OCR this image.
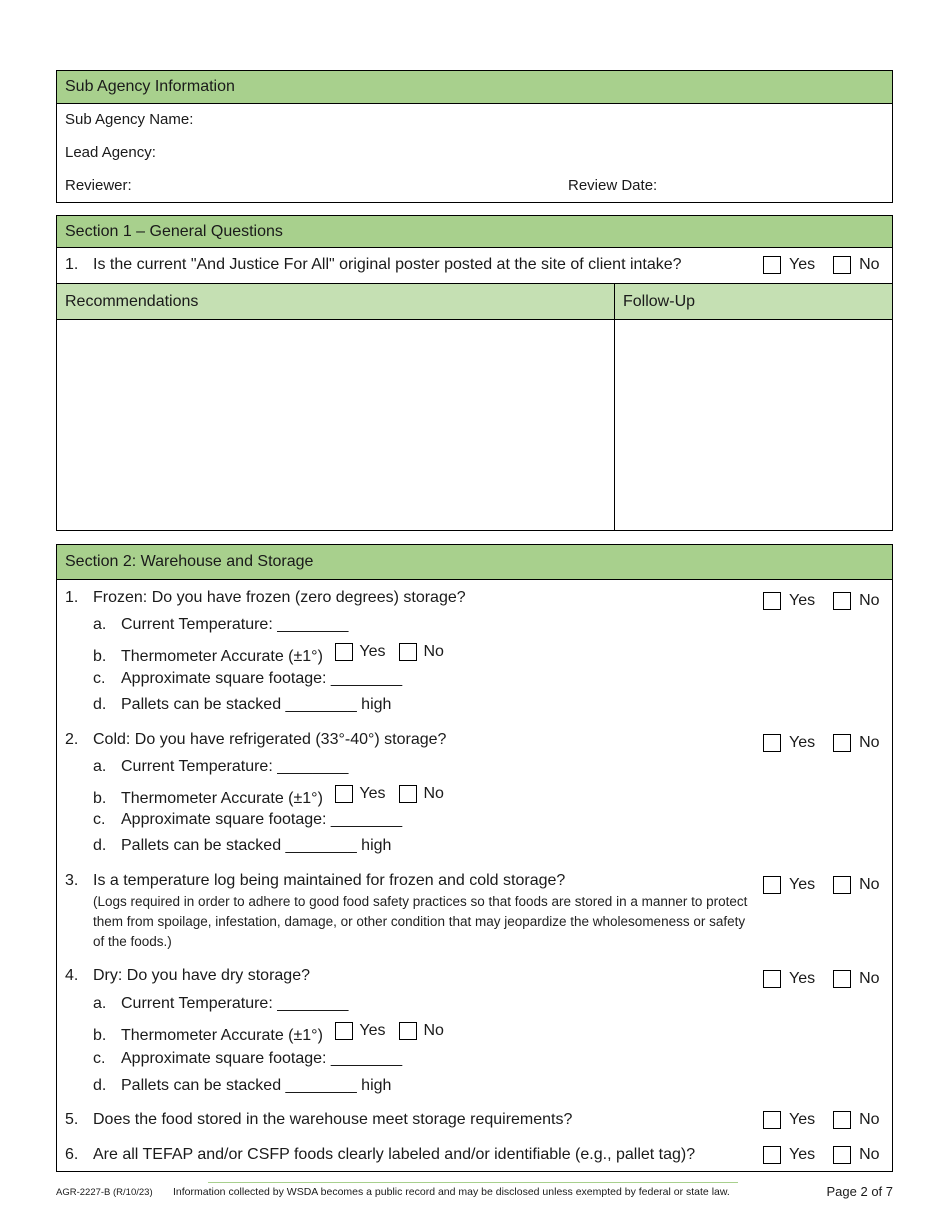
Sub Agency Information
Sub Agency Name:
Lead Agency:
Reviewer:	Review Date:
Section 1 – General Questions
1. Is the current "And Justice For All" original poster posted at the site of client intake?	Yes	No
Recommendations	Follow-Up
Section 2: Warehouse and Storage
1. Frozen: Do you have frozen (zero degrees) storage?	Yes	No
a. Current Temperature: ________
b. Thermometer Accurate (±1°) Yes No
c. Approximate square footage: ________
d. Pallets can be stacked ________ high
2. Cold: Do you have refrigerated (33°-40°) storage?	Yes	No
a. Current Temperature: ________
b. Thermometer Accurate (±1°) Yes No
c. Approximate square footage: ________
d. Pallets can be stacked ________ high
3. Is a temperature log being maintained for frozen and cold storage?	Yes	No
(Logs required in order to adhere to good food safety practices so that foods are stored in a manner to protect them from spoilage, infestation, damage, or other condition that may jeopardize the wholesomeness or safety of the foods.)
4. Dry: Do you have dry storage?	Yes	No
a. Current Temperature: ________
b. Thermometer Accurate (±1°) Yes No
c. Approximate square footage: ________
d. Pallets can be stacked ________ high
5. Does the food stored in the warehouse meet storage requirements?	Yes	No
6. Are all TEFAP and/or CSFP foods clearly labeled and/or identifiable (e.g., pallet tag)?	Yes	No
AGR-2227-B (R/10/23) Information collected by WSDA becomes a public record and may be disclosed unless exempted by federal or state law.	Page 2 of 7
